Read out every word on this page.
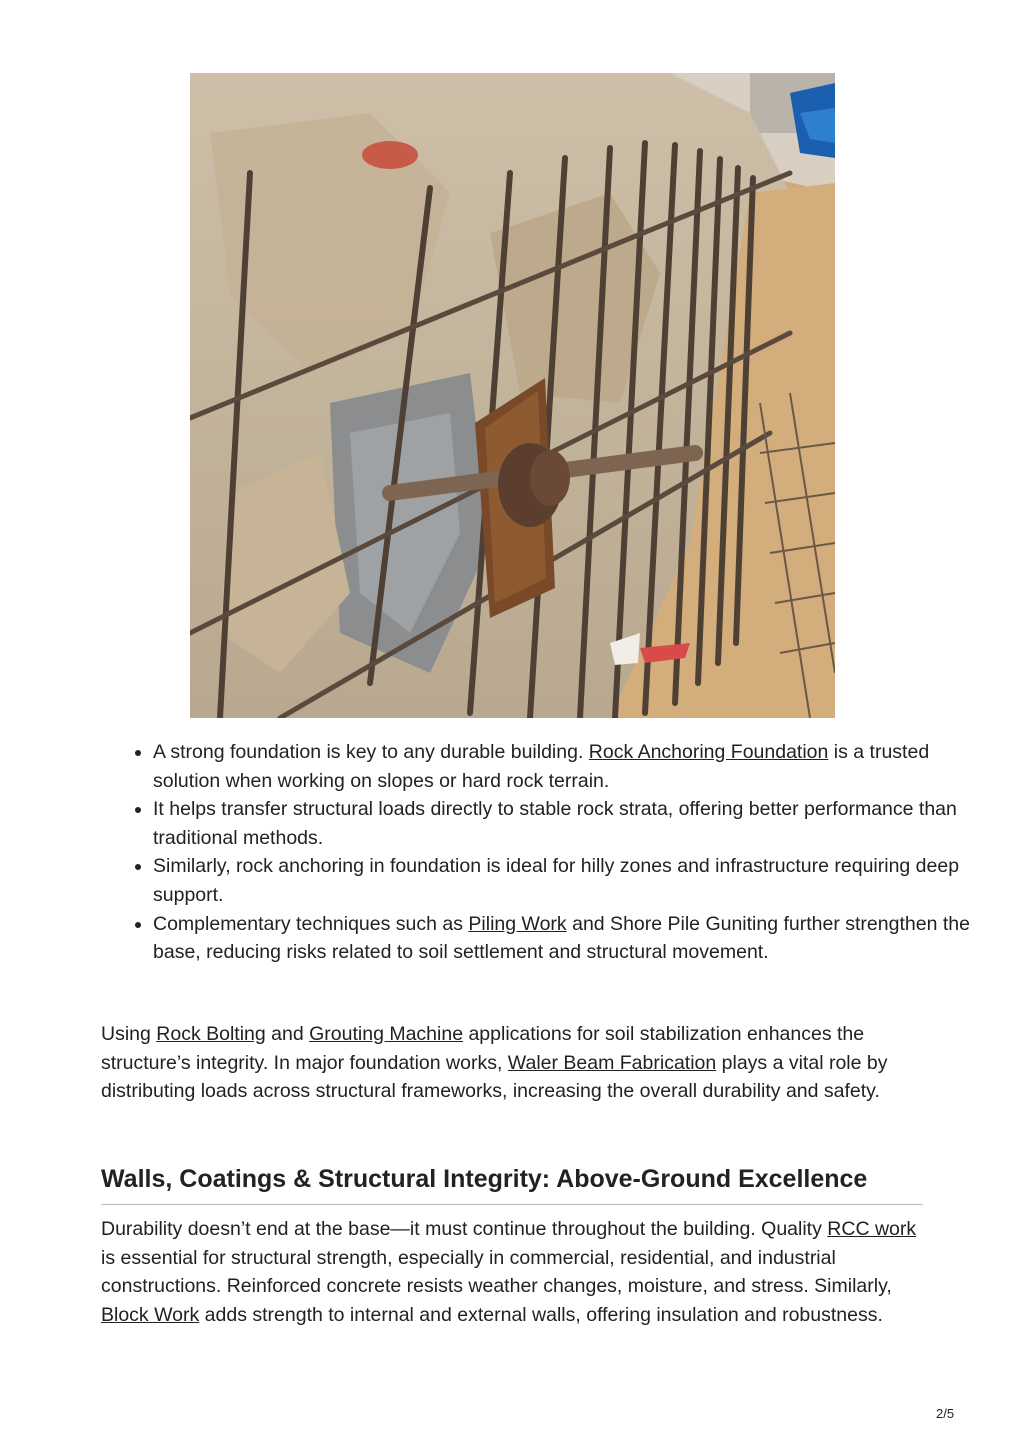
• A strong foundation is key to any durable building. Rock Anchoring Foundation is a trusted solution when working on slopes or hard rock terrain.
• It helps transfer structural loads directly to stable rock strata, offering better performance than traditional methods.
• Similarly, rock anchoring in foundation is ideal for hilly zones and infrastructure requiring deep support.
• Complementary techniques such as Piling Work and Shore Pile Guniting further strengthen the base, reducing risks related to soil settlement and structural movement.

Using Rock Bolting and Grouting Machine applications for soil stabilization enhances the structure’s integrity. In major foundation works, Waler Beam Fabrication plays a vital role by distributing loads across structural frameworks, increasing the overall durability and safety.

Walls, Coatings & Structural Integrity: Above-Ground Excellence

Durability doesn’t end at the base—it must continue throughout the building. Quality RCC work is essential for structural strength, especially in commercial, residential, and industrial constructions. Reinforced concrete resists weather changes, moisture, and stress. Similarly, Block Work adds strength to internal and external walls, offering insulation and robustness.

2/5
